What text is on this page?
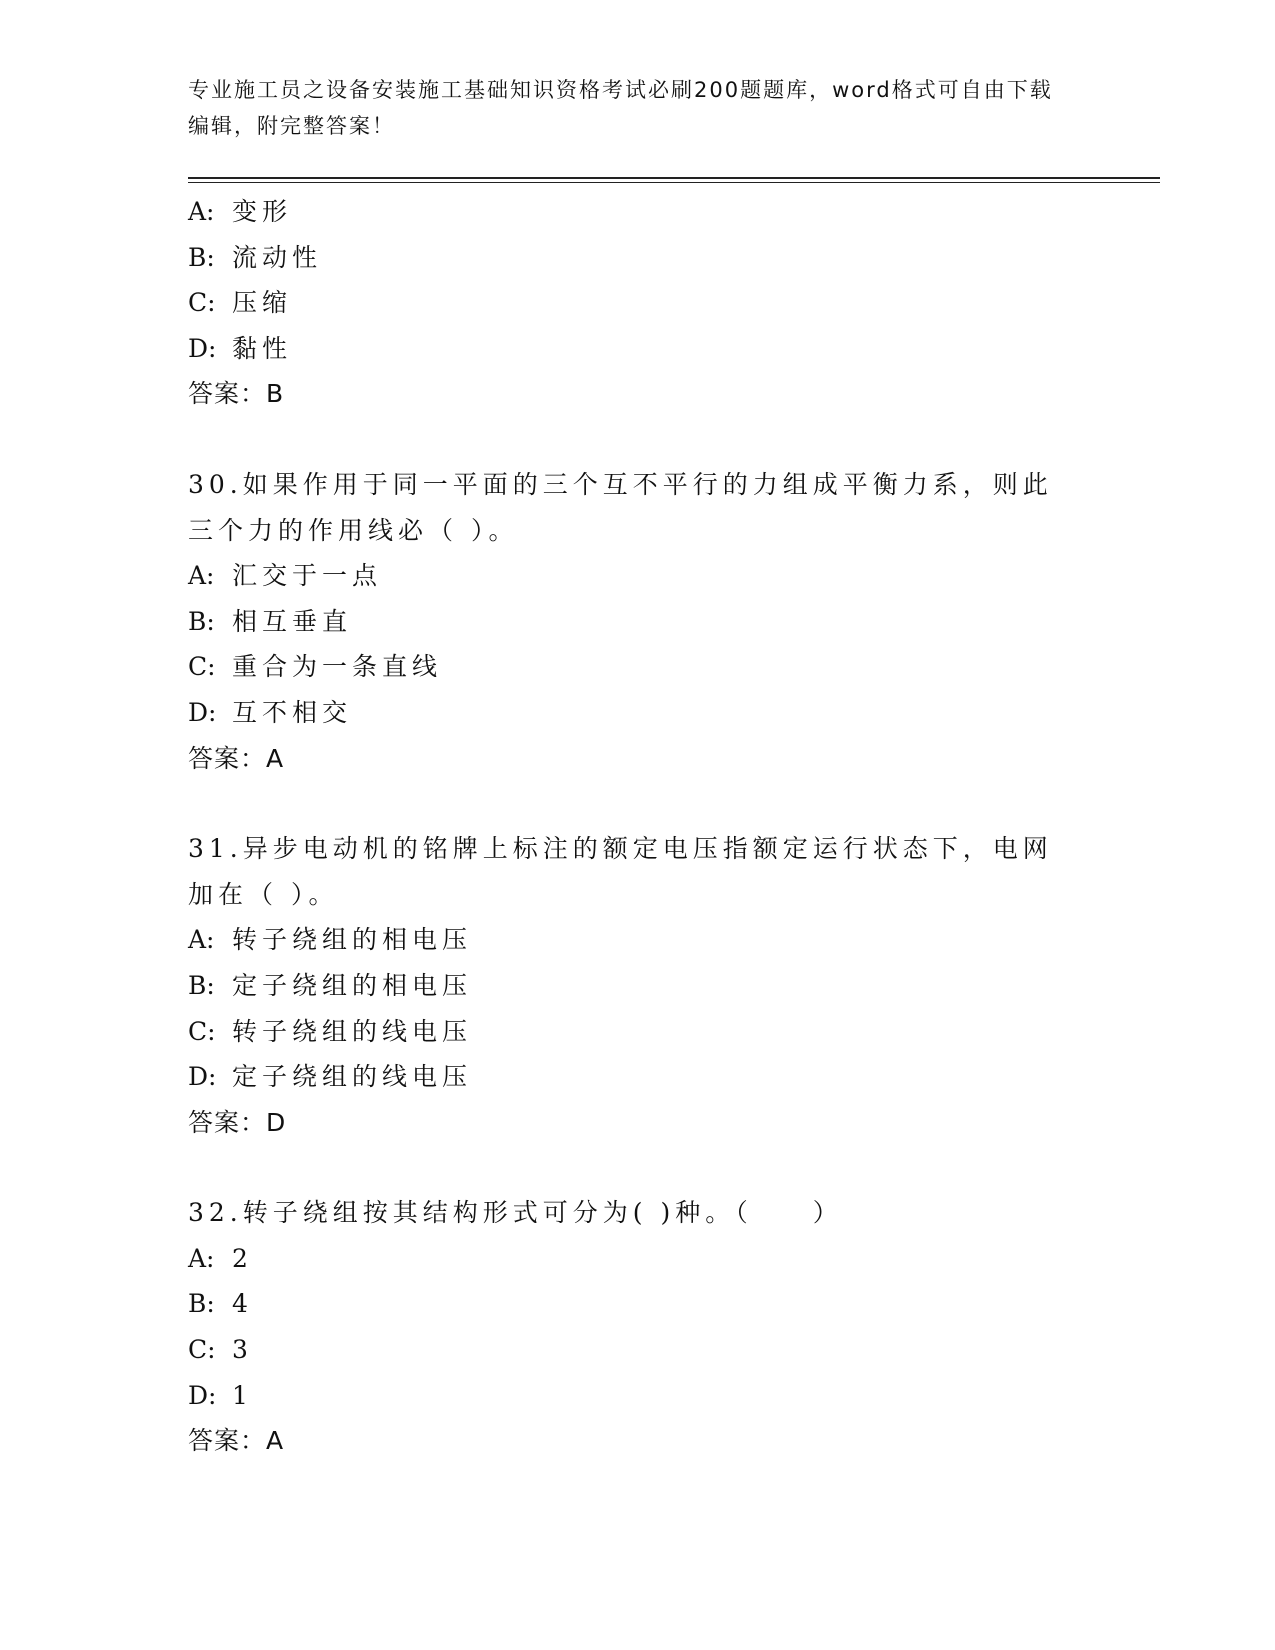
专业施工员之设备安装施工基础知识资格考试必刷200题题库，word格式可自由下载编辑，附完整答案！
A: 变形
B: 流动性
C: 压缩
D: 黏性
答案：B
30.如果作用于同一平面的三个互不平行的力组成平衡力系，则此三个力的作用线必（ ）。
A: 汇交于一点
B: 相互垂直
C: 重合为一条直线
D: 互不相交
答案：A
31.异步电动机的铭牌上标注的额定电压指额定运行状态下，电网加在（ ）。
A: 转子绕组的相电压
B: 定子绕组的相电压
C: 转子绕组的线电压
D: 定子绕组的线电压
答案：D
32.转子绕组按其结构形式可分为( )种。（　　）
A: 2
B: 4
C: 3
D: 1
答案：A
